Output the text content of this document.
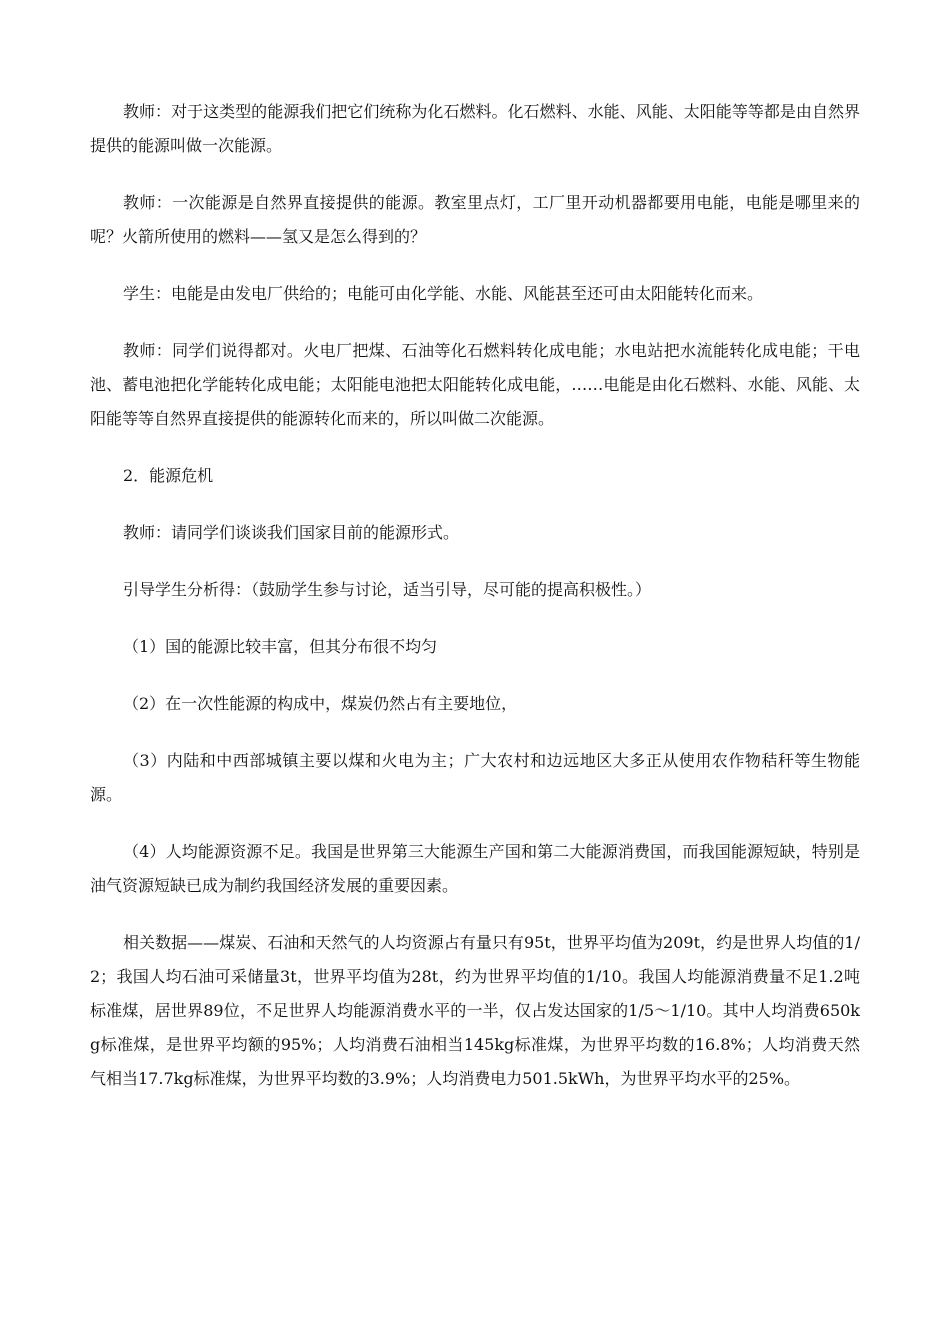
教师：对于这类型的能源我们把它们统称为化石燃料。化石燃料、水能、风能、太阳能等等都是由自然界提供的能源叫做一次能源。

教师：一次能源是自然界直接提供的能源。教室里点灯，工厂里开动机器都要用电能，电能是哪里来的呢？火箭所使用的燃料——氢又是怎么得到的？

学生：电能是由发电厂供给的；电能可由化学能、水能、风能甚至还可由太阳能转化而来。

教师：同学们说得都对。火电厂把煤、石油等化石燃料转化成电能；水电站把水流能转化成电能；干电池、蓄电池把化学能转化成电能；太阳能电池把太阳能转化成电能，……电能是由化石燃料、水能、风能、太阳能等等自然界直接提供的能源转化而来的，所以叫做二次能源。

2．能源危机

教师：请同学们谈谈我们国家目前的能源形式。

引导学生分析得：（鼓励学生参与讨论，适当引导，尽可能的提高积极性。）

（1）国的能源比较丰富，但其分布很不均匀

（2）在一次性能源的构成中，煤炭仍然占有主要地位，

（3）内陆和中西部城镇主要以煤和火电为主；广大农村和边远地区大多正从使用农作物秸秆等生物能源。

（4）人均能源资源不足。我国是世界第三大能源生产国和第二大能源消费国，而我国能源短缺，特别是油气资源短缺已成为制约我国经济发展的重要因素。

相关数据——煤炭、石油和天然气的人均资源占有量只有95t，世界平均值为209t，约是世界人均值的1/2；我国人均石油可采储量3t，世界平均值为28t，约为世界平均值的1/10。我国人均能源消费量不足1.2吨标准煤，居世界89位，不足世界人均能源消费水平的一半，仅占发达国家的1/5～1/10。其中人均消费650kg标准煤，是世界平均额的95%；人均消费石油相当145kg标准煤，为世界平均数的16.8%；人均消费天然气相当17.7kg标准煤，为世界平均数的3.9%；人均消费电力501.5kWh，为世界平均水平的25%。
